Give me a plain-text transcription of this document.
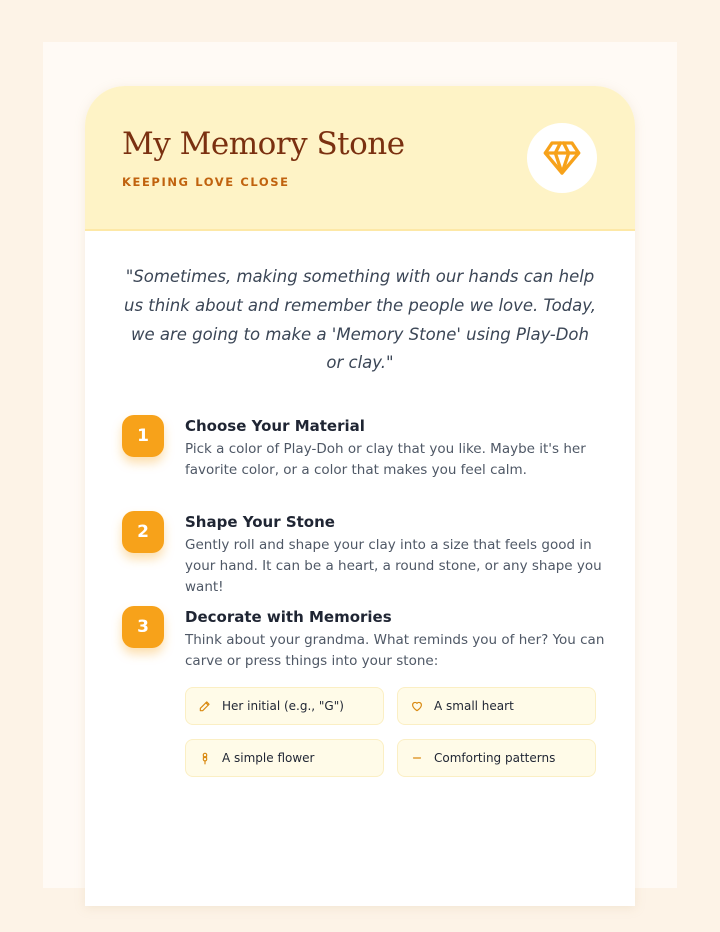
My Memory Stone
KEEPING LOVE CLOSE
"Sometimes, making something with our hands can help us think about and remember the people we love. Today, we are going to make a 'Memory Stone' using Play-Doh or clay."
1	Choose Your Material
Pick a color of Play-Doh or clay that you like. Maybe it's her favorite color, or a color that makes you feel calm.
2	Shape Your Stone
Gently roll and shape your clay into a size that feels good in your hand. It can be a heart, a round stone, or any shape you want!
3	Decorate with Memories
Think about your grandma. What reminds you of her? You can carve or press things into your stone:
Her initial (e.g., "G")	A small heart
A simple flower	Comforting patterns
